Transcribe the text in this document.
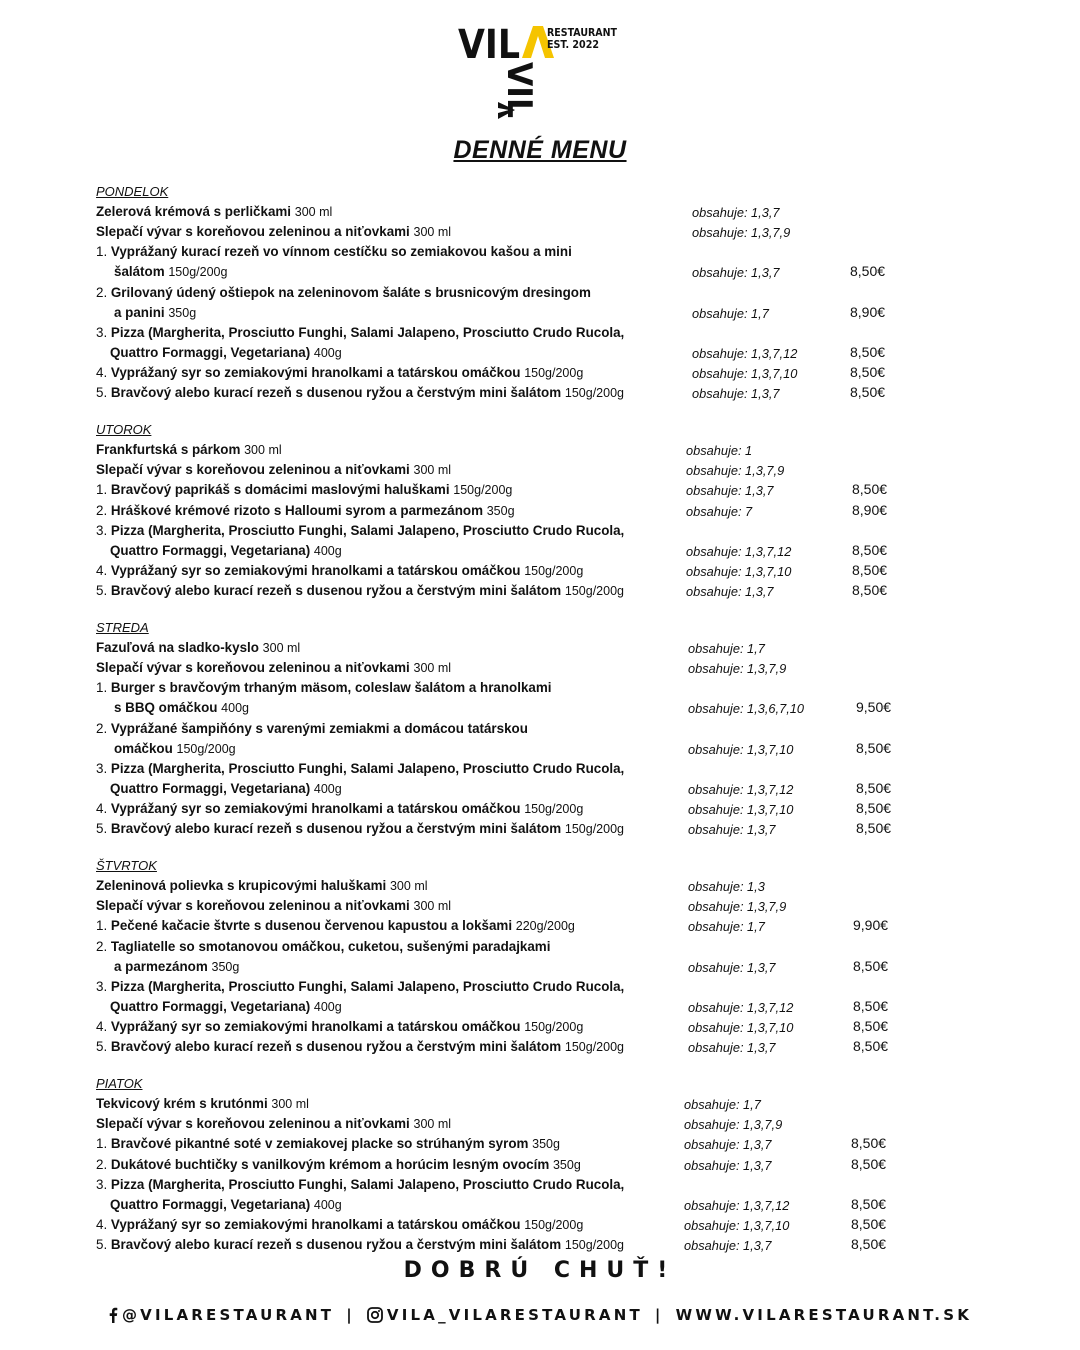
VIL
VIL
RESTAURANT
EST. 2022
DENNÉ MENU
PONDELOK
Zelerová krémová s perličkami 300 ml	obsahuje: 1,3,7
Slepačí vývar s koreňovou zeleninou a niťovkami 300 ml	obsahuje: 1,3,7,9
1. Vyprážaný kurací rezeň vo vínnom cestíčku so zemiakovou kašou a mini
šalátom 150g/200g	obsahuje: 1,3,7	8,50€
2. Grilovaný údený oštiepok na zeleninovom šaláte s brusnicovým dresingom
a panini 350g	obsahuje: 1,7	8,90€
3. Pizza (Margherita, Prosciutto Funghi, Salami Jalapeno, Prosciutto Crudo Rucola,
Quattro Formaggi, Vegetariana) 400g	obsahuje: 1,3,7,12	8,50€
4. Vyprážaný syr so zemiakovými hranolkami a tatárskou omáčkou 150g/200g	obsahuje: 1,3,7,10	8,50€
5. Bravčový alebo kurací rezeň s dusenou ryžou a čerstvým mini šalátom 150g/200g	obsahuje: 1,3,7	8,50€
UTOROK
Frankfurtská s párkom 300 ml	obsahuje: 1
Slepačí vývar s koreňovou zeleninou a niťovkami 300 ml	obsahuje: 1,3,7,9
1. Bravčový paprikáš s domácimi maslovými haluškami 150g/200g	obsahuje: 1,3,7	8,50€
2. Hráškové krémové rizoto s Halloumi syrom a parmezánom 350g	obsahuje: 7	8,90€
3. Pizza (Margherita, Prosciutto Funghi, Salami Jalapeno, Prosciutto Crudo Rucola,
Quattro Formaggi, Vegetariana) 400g	obsahuje: 1,3,7,12	8,50€
4. Vyprážaný syr so zemiakovými hranolkami a tatárskou omáčkou 150g/200g	obsahuje: 1,3,7,10	8,50€
5. Bravčový alebo kurací rezeň s dusenou ryžou a čerstvým mini šalátom 150g/200g	obsahuje: 1,3,7	8,50€
STREDA
Fazuľová na sladko-kyslo 300 ml	obsahuje: 1,7
Slepačí vývar s koreňovou zeleninou a niťovkami 300 ml	obsahuje: 1,3,7,9
1. Burger s bravčovým trhaným mäsom, coleslaw šalátom a hranolkami
s BBQ omáčkou 400g	obsahuje: 1,3,6,7,10	9,50€
2. Vyprážané šampiňóny s varenými zemiakmi a domácou tatárskou
omáčkou 150g/200g	obsahuje: 1,3,7,10	8,50€
3. Pizza (Margherita, Prosciutto Funghi, Salami Jalapeno, Prosciutto Crudo Rucola,
Quattro Formaggi, Vegetariana) 400g	obsahuje: 1,3,7,12	8,50€
4. Vyprážaný syr so zemiakovými hranolkami a tatárskou omáčkou 150g/200g	obsahuje: 1,3,7,10	8,50€
5. Bravčový alebo kurací rezeň s dusenou ryžou a čerstvým mini šalátom 150g/200g	obsahuje: 1,3,7	8,50€
ŠTVRTOK
Zeleninová polievka s krupicovými haluškami 300 ml	obsahuje: 1,3
Slepačí vývar s koreňovou zeleninou a niťovkami 300 ml	obsahuje: 1,3,7,9
1. Pečené kačacie štvrte s dusenou červenou kapustou a lokšami 220g/200g	obsahuje: 1,7	9,90€
2. Tagliatelle so smotanovou omáčkou, cuketou, sušenými paradajkami
a parmezánom 350g	obsahuje: 1,3,7	8,50€
3. Pizza (Margherita, Prosciutto Funghi, Salami Jalapeno, Prosciutto Crudo Rucola,
Quattro Formaggi, Vegetariana) 400g	obsahuje: 1,3,7,12	8,50€
4. Vyprážaný syr so zemiakovými hranolkami a tatárskou omáčkou 150g/200g	obsahuje: 1,3,7,10	8,50€
5. Bravčový alebo kurací rezeň s dusenou ryžou a čerstvým mini šalátom 150g/200g	obsahuje: 1,3,7	8,50€
PIATOK
Tekvicový krém s krutónmi 300 ml	obsahuje: 1,7
Slepačí vývar s koreňovou zeleninou a niťovkami 300 ml	obsahuje: 1,3,7,9
1. Bravčové pikantné soté v zemiakovej placke so strúhaným syrom 350g	obsahuje: 1,3,7	8,50€
2. Dukátové buchtičky s vanilkovým krémom a horúcim lesným ovocím 350g	obsahuje: 1,3,7	8,50€
3. Pizza (Margherita, Prosciutto Funghi, Salami Jalapeno, Prosciutto Crudo Rucola,
Quattro Formaggi, Vegetariana) 400g	obsahuje: 1,3,7,12	8,50€
4. Vyprážaný syr so zemiakovými hranolkami a tatárskou omáčkou 150g/200g	obsahuje: 1,3,7,10	8,50€
5. Bravčový alebo kurací rezeň s dusenou ryžou a čerstvým mini šalátom 150g/200g	obsahuje: 1,3,7	8,50€
DOBRÚ CHUŤ!
@VILARESTAURANT | VILA_VILARESTAURANT | WWW.VILARESTAURANT.SK
